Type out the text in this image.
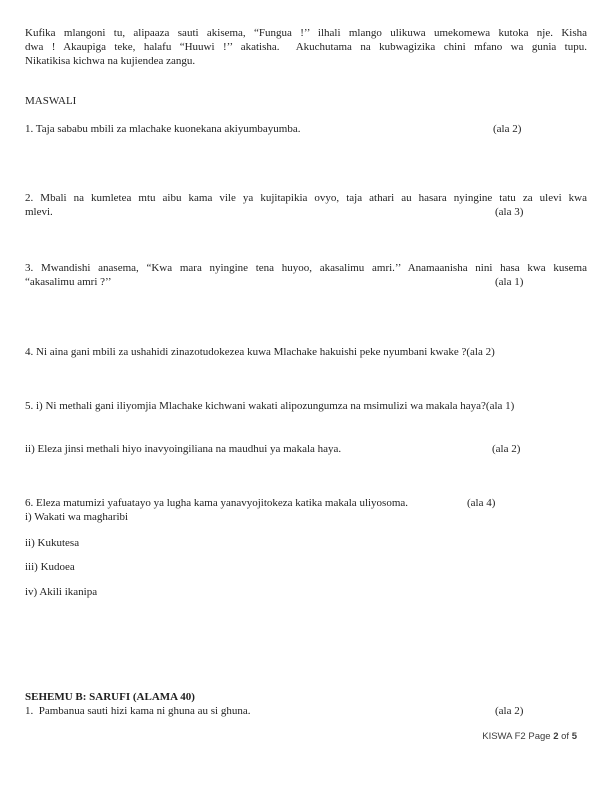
Kufika mlangoni tu, alipaaza sauti akisema, “Fungua !’’ ilhali mlango ulikuwa umekomewa kutoka nje. Kisha
dwa ! Akaupiga teke, halafu “Huuwi !’’ akatisha.  Akuchutama na kubwagizika chini mfano wa gunia tupu.
Nikatikisa kichwa na kujiendea zangu.
MASWALI
1. Taja sababu mbili za mlachake kuonekana akiyumbayumba.	(ala 2)
2. Mbali na kumletea mtu aibu kama vile ya kujitapikia ovyo, taja athari au hasara nyingine tatu za ulevi kwa
mlevi.	(ala 3)
3. Mwandishi anasema, “Kwa mara nyingine tena huyoo, akasalimu amri.’’ Anamaanisha nini hasa kwa kusema
“akasalimu amri ?’’	(ala 1)
4. Ni aina gani mbili za ushahidi zinazotudokezea kuwa Mlachake hakuishi peke nyumbani kwake ?(ala 2)
5. i) Ni methali gani iliyomjia Mlachake kichwani wakati alipozungumza na msimulizi wa makala haya?(ala 1)
ii) Eleza jinsi methali hiyo inavyoingiliana na maudhui ya makala haya.	(ala 2)
6. Eleza matumizi yafuatayo ya lugha kama yanavyojitokeza katika makala uliyosoma.	(ala 4)
i) Wakati wa magharibi
ii) Kukutesa
iii) Kudoea
iv) Akili ikanipa
SEHEMU B: SARUFI (ALAMA 40)
1.  Pambanua sauti hizi kama ni ghuna au si ghuna.	(ala 2)
KISWA F2 Page 2 of 5
